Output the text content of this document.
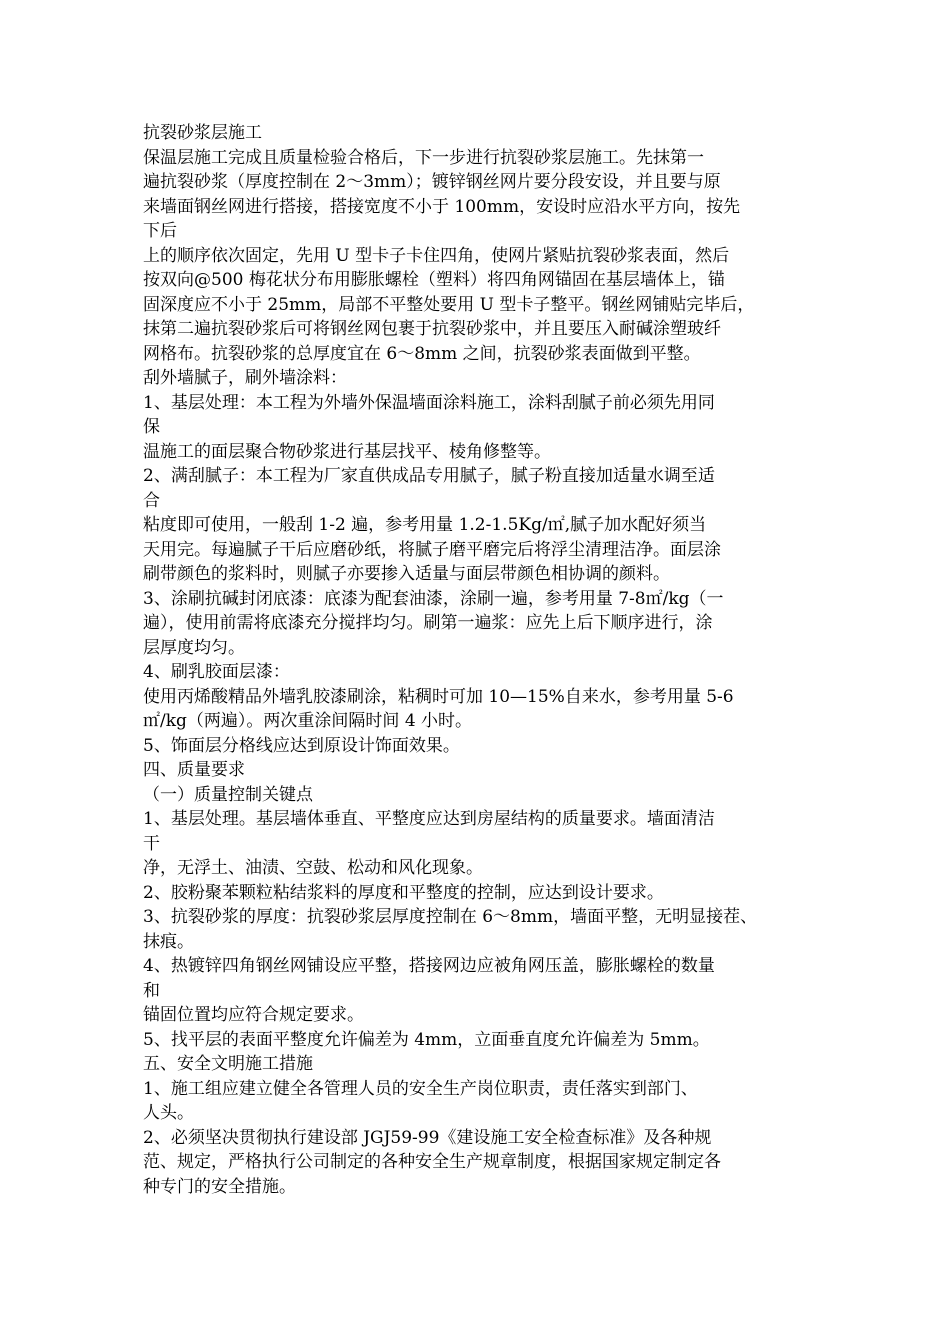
抗裂砂浆层施工
保温层施工完成且质量检验合格后，下一步进行抗裂砂浆层施工。先抹第一
遍抗裂砂浆（厚度控制在 2～3mm）；镀锌钢丝网片要分段安设，并且要与原
来墙面钢丝网进行搭接，搭接宽度不小于 100mm，安设时应沿水平方向，按先
下后
上的顺序依次固定，先用 U 型卡子卡住四角，使网片紧贴抗裂砂浆表面，然后
按双向@500 梅花状分布用膨胀螺栓（塑料）将四角网锚固在基层墙体上，锚
固深度应不小于 25mm，局部不平整处要用 U 型卡子整平。钢丝网铺贴完毕后，
抹第二遍抗裂砂浆后可将钢丝网包裹于抗裂砂浆中，并且要压入耐碱涂塑玻纤
网格布。抗裂砂浆的总厚度宜在 6～8mm 之间，抗裂砂浆表面做到平整。
刮外墙腻子，刷外墙涂料：
1、基层处理：本工程为外墙外保温墙面涂料施工，涂料刮腻子前必须先用同
保
温施工的面层聚合物砂浆进行基层找平、棱角修整等。
2、满刮腻子：本工程为厂家直供成品专用腻子，腻子粉直接加适量水调至适
合
粘度即可使用，一般刮 1-2 遍，参考用量 1.2-1.5Kg/㎡,腻子加水配好须当
天用完。每遍腻子干后应磨砂纸，将腻子磨平磨完后将浮尘清理洁净。面层涂
刷带颜色的浆料时，则腻子亦要掺入适量与面层带颜色相协调的颜料。
3、涂刷抗碱封闭底漆：底漆为配套油漆，涂刷一遍，参考用量 7-8㎡/kg（一
遍），使用前需将底漆充分搅拌均匀。刷第一遍浆：应先上后下顺序进行，涂
层厚度均匀。
4、刷乳胶面层漆：
使用丙烯酸精品外墙乳胶漆刷涂，粘稠时可加 10—15%自来水，参考用量 5-6
㎡/kg（两遍）。两次重涂间隔时间 4 小时。
5、饰面层分格线应达到原设计饰面效果。
四、质量要求
（一）质量控制关键点
1、基层处理。基层墙体垂直、平整度应达到房屋结构的质量要求。墙面清洁
干
净，无浮土、油渍、空鼓、松动和风化现象。
2、胶粉聚苯颗粒粘结浆料的厚度和平整度的控制，应达到设计要求。
3、抗裂砂浆的厚度：抗裂砂浆层厚度控制在 6～8mm，墙面平整，无明显接茬、
抹痕。
4、热镀锌四角钢丝网铺设应平整，搭接网边应被角网压盖，膨胀螺栓的数量
和
锚固位置均应符合规定要求。
5、找平层的表面平整度允许偏差为 4mm，立面垂直度允许偏差为 5mm。
五、安全文明施工措施
1、施工组应建立健全各管理人员的安全生产岗位职责，责任落实到部门、
人头。
2、必须坚决贯彻执行建设部 JGJ59-99《建设施工安全检查标准》及各种规
范、规定，严格执行公司制定的各种安全生产规章制度，根据国家规定制定各
种专门的安全措施。
